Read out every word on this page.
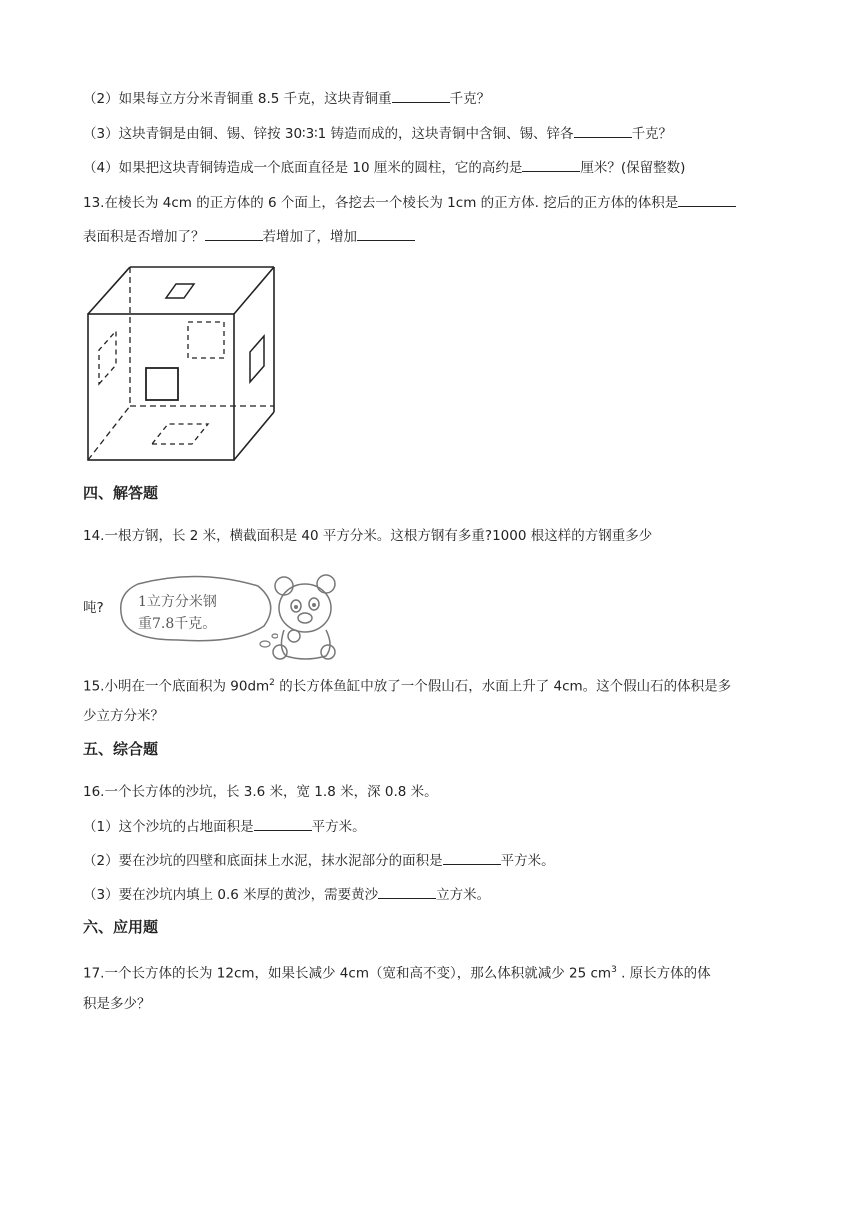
（2）如果每立方分米青铜重 8.5 千克，这块青铜重	千克？
（3）这块青铜是由铜、锡、锌按 30∶3∶1 铸造而成的，这块青铜中含铜、锡、锌各	千克？
（4）如果把这块青铜铸造成一个底面直径是 10 厘米的圆柱，它的高约是	厘米？(保留整数)
13.在棱长为 4cm 的正方体的 6 个面上，各挖去一个棱长为 1cm 的正方体. 挖后的正方体的体积是
表面积是否增加了？	若增加了，增加
四、解答题
14.一根方钢，长 2 米，横截面积是 40 平方分米。这根方钢有多重?1000 根这样的方钢重多少
吨? 1立方分米钢
重7.8千克。
15.小明在一个底面积为 $90dm^2$ 的长方体鱼缸中放了一个假山石，水面上升了 4cm。这个假山石的体积是多
少立方分米？
五、综合题
16.一个长方体的沙坑，长 3.6 米，宽 1.8 米，深 0.8 米。
（1）这个沙坑的占地面积是	平方米。
（2）要在沙坑的四壁和底面抹上水泥，抹水泥部分的面积是	平方米。
（3）要在沙坑内填上 0.6 米厚的黄沙，需要黄沙	立方米。
六、应用题
17.一个长方体的长为 12cm，如果长减少 4cm（宽和高不变），那么体积就减少 25 $cm^3$ . 原长方体的体
积是多少？
